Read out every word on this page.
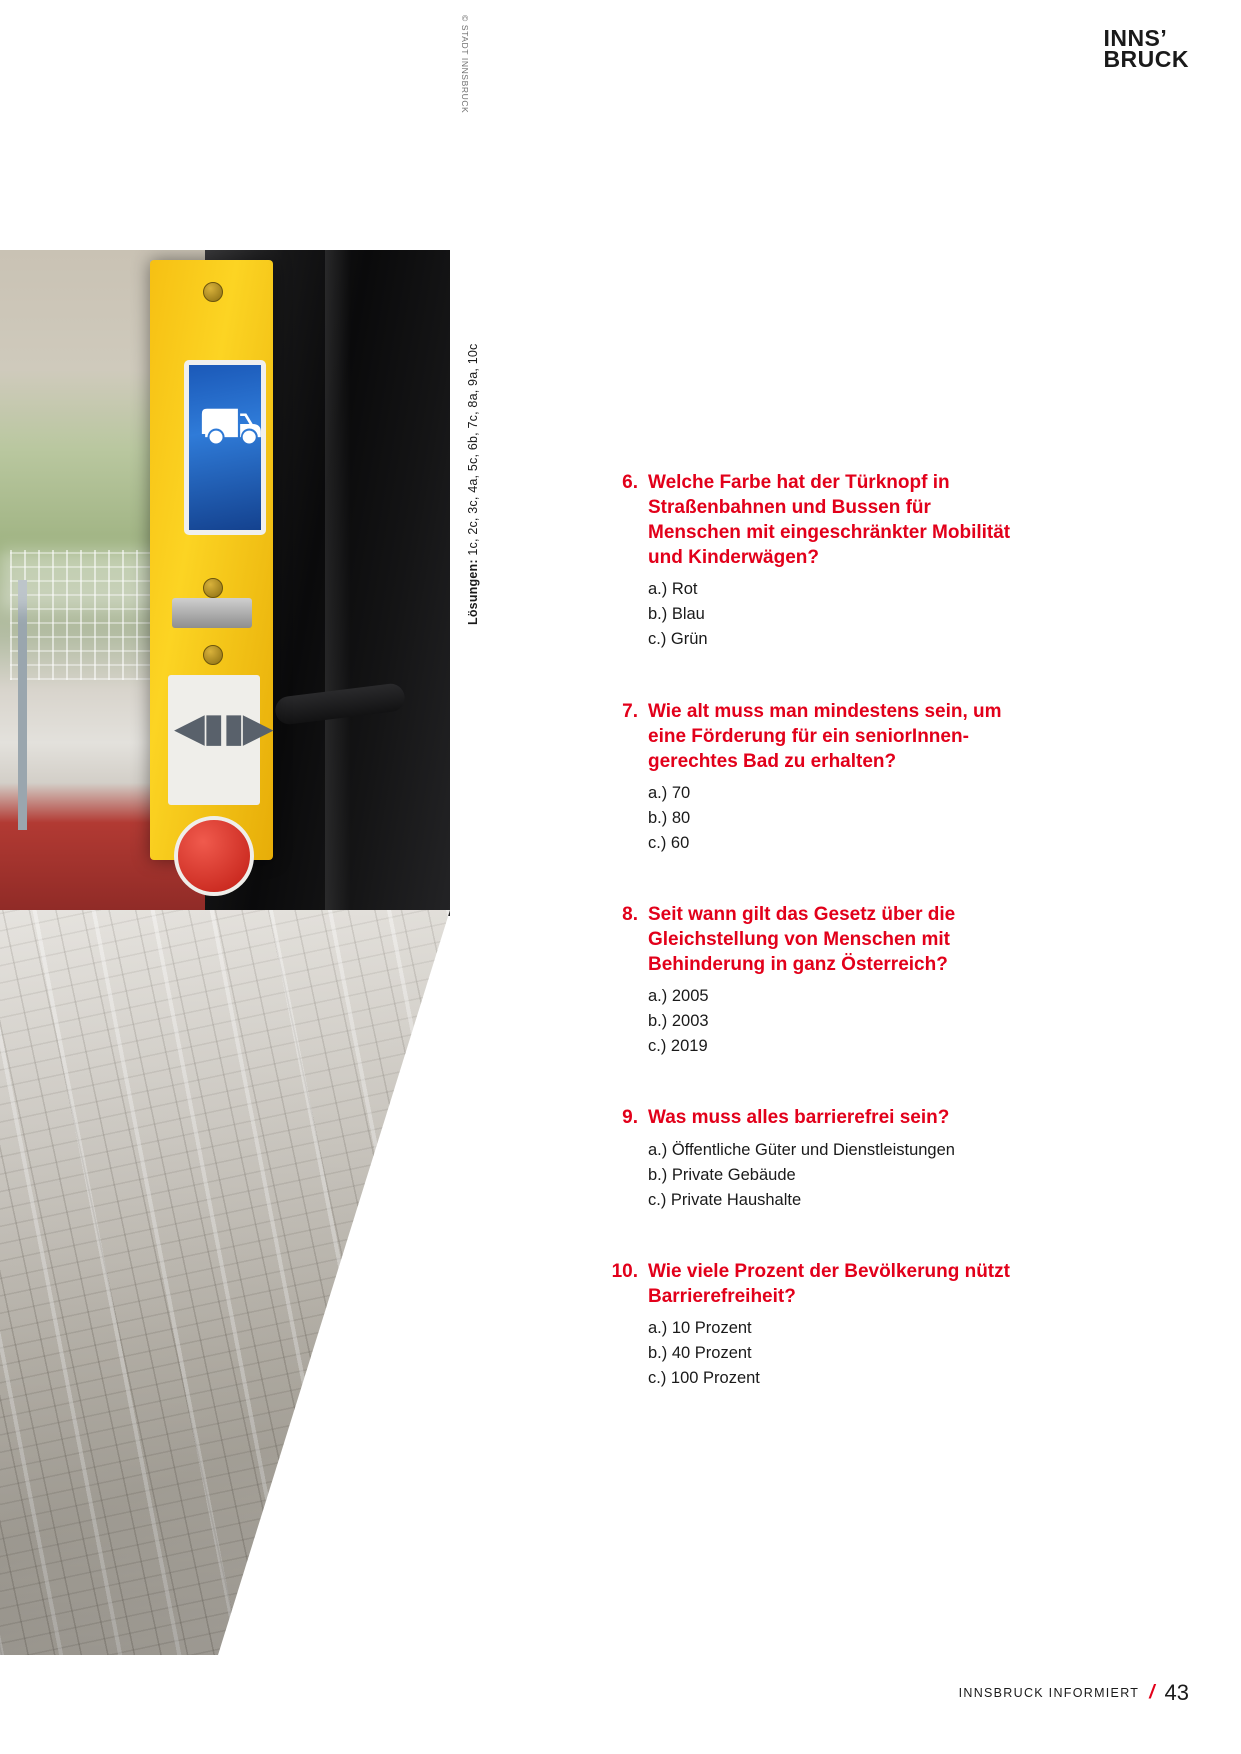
INNS’
BRUCK
⛟
◀▮▮▶
© STADT INNSBRUCK
Lösungen: 1c, 2c, 3c, 4a, 5c, 6b, 7c, 8a, 9a, 10c	6. Welche Farbe hat der Türknopf in Straßenbahnen und Bussen für Menschen mit eingeschränkter Mobilität und Kinderwägen?

a.) Rot
b.) Blau
c.) Grün
7. Wie alt muss man mindestens sein, um eine Förderung für ein seniorInnengerechtes Bad zu erhalten?

a.) 70
b.) 80
c.) 60
8. Seit wann gilt das Gesetz über die Gleichstellung von Menschen mit Behinderung in ganz Österreich?

a.) 2005
b.) 2003
c.) 2019
9. Was muss alles barrierefrei sein?

a.) Öffentliche Güter und Dienstleistungen
b.) Private Gebäude
c.) Private Haushalte
10. Wie viele Prozent der Bevölkerung nützt Barrierefreiheit?

a.) 10 Prozent
b.) 40 Prozent
c.) 100 Prozent
INNSBRUCK INFORMIERT / 43
